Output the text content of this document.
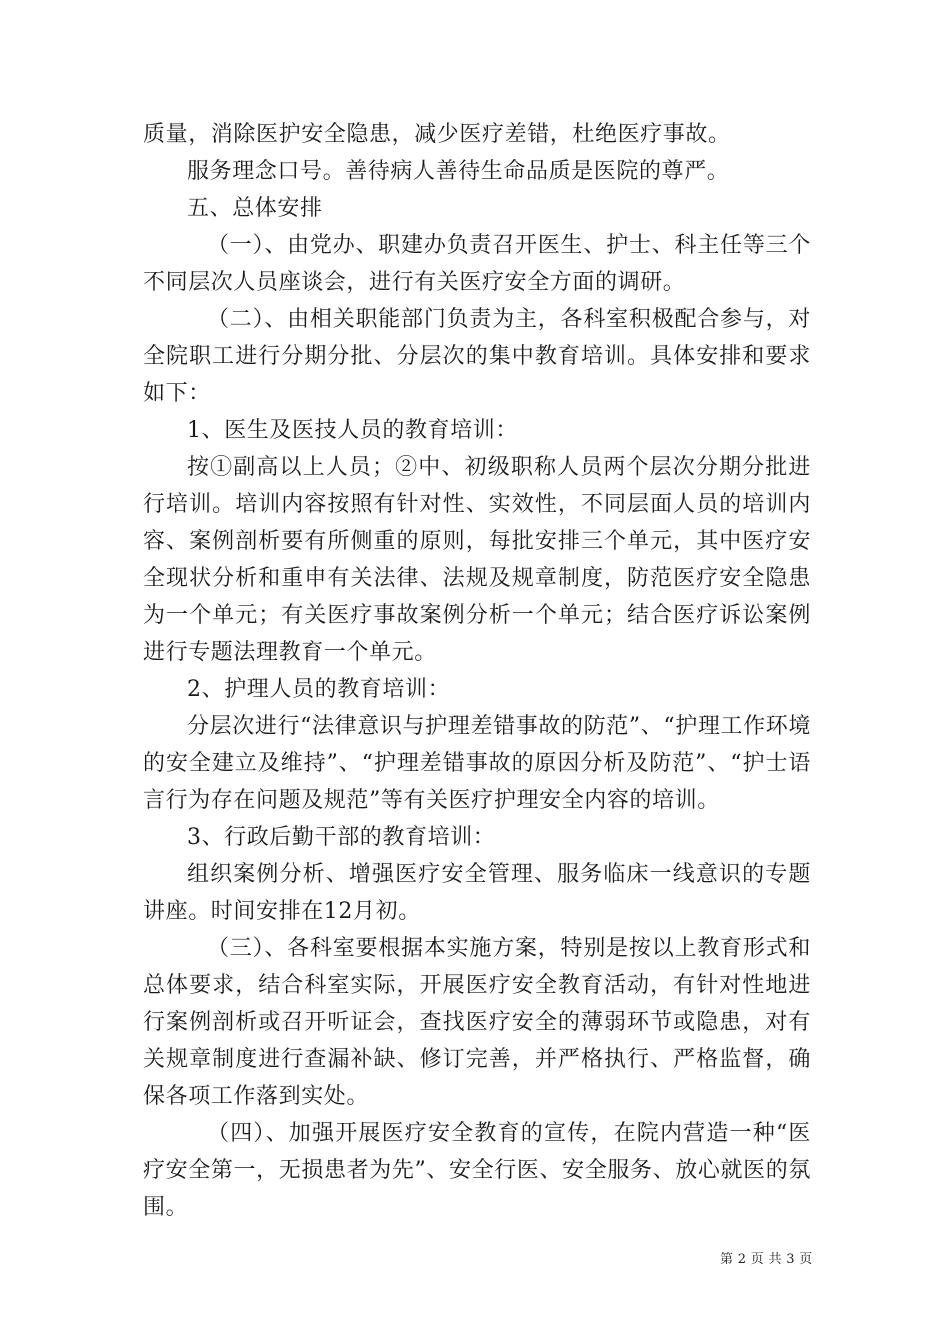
质量，消除医护安全隐患，减少医疗差错，杜绝医疗事故。

服务理念口号。善待病人善待生命品质是医院的尊严。

五、总体安排

（一）、由党办、职建办负责召开医生、护士、科主任等三个不同层次人员座谈会，进行有关医疗安全方面的调研。

（二）、由相关职能部门负责为主，各科室积极配合参与，对全院职工进行分期分批、分层次的集中教育培训。具体安排和要求如下：

1、医生及医技人员的教育培训：

按①副高以上人员；②中、初级职称人员两个层次分期分批进行培训。培训内容按照有针对性、实效性，不同层面人员的培训内容、案例剖析要有所侧重的原则，每批安排三个单元，其中医疗安全现状分析和重申有关法律、法规及规章制度，防范医疗安全隐患为一个单元；有关医疗事故案例分析一个单元；结合医疗诉讼案例进行专题法理教育一个单元。

2、护理人员的教育培训：

分层次进行“法律意识与护理差错事故的防范”、“护理工作环境的安全建立及维持”、“护理差错事故的原因分析及防范”、“护士语言行为存在问题及规范”等有关医疗护理安全内容的培训。

3、行政后勤干部的教育培训：

组织案例分析、增强医疗安全管理、服务临床一线意识的专题讲座。时间安排在12月初。

（三）、各科室要根据本实施方案，特别是按以上教育形式和总体要求，结合科室实际，开展医疗安全教育活动，有针对性地进行案例剖析或召开听证会，查找医疗安全的薄弱环节或隐患，对有关规章制度进行查漏补缺、修订完善，并严格执行、严格监督，确保各项工作落到实处。

（四）、加强开展医疗安全教育的宣传，在院内营造一种“医疗安全第一，无损患者为先”、安全行医、安全服务、放心就医的氛围。

第 2 页 共 3 页
